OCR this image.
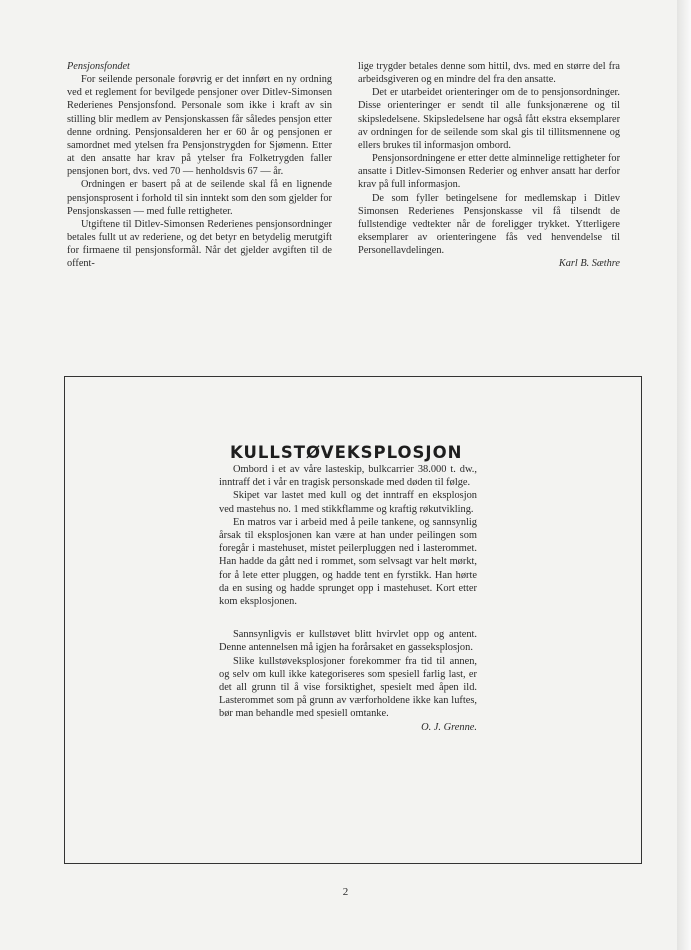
Pensjonsfondet

For seilende personale forøvrig er det innført en ny ordning ved et reglement for bevilgede pensjoner over Ditlev-Simonsen Rederienes Pensjonsfond. Personale som ikke i kraft av sin stilling blir medlem av Pensjonskassen får således pensjon etter denne ordning. Pensjonsalderen her er 60 år og pensjonen er samordnet med ytelsen fra Pensjonstrygden for Sjømenn. Etter at den ansatte har krav på ytelser fra Folketrygden faller pensjonen bort, dvs. ved 70 — henholdsvis 67 — år.

Ordningen er basert på at de seilende skal få en lignende pensjonsprosent i forhold til sin inntekt som den som gjelder for Pensjonskassen — med fulle rettigheter.

Utgiftene til Ditlev-Simonsen Rederienes pensjonsordninger betales fullt ut av rederiene, og det betyr en betydelig merutgift for firmaene til pensjonsformål. Når det gjelder avgiften til de offent-

lige trygder betales denne som hittil, dvs. med en større del fra arbeidsgiveren og en mindre del fra den ansatte.

Det er utarbeidet orienteringer om de to pensjonsordninger. Disse orienteringer er sendt til alle funksjonærene og til skipsledelsene. Skipsledelsene har også fått ekstra eksemplarer av ordningen for de seilende som skal gis til tillitsmennene og ellers brukes til informasjon ombord.

Pensjonsordningene er etter dette alminnelige rettigheter for ansatte i Ditlev-Simonsen Rederier og enhver ansatt har derfor krav på full informasjon.

De som fyller betingelsene for medlemskap i Ditlev Simonsen Rederienes Pensjonskasse vil få tilsendt de fullstendige vedtekter når de foreligger trykket. Ytterligere eksemplarer av orienteringene fås ved henvendelse til Personellavdelingen.

Karl B. Sæthre

KULLSTØVEKSPLOSJON

Ombord i et av våre lasteskip, bulkcarrier 38.000 t. dw., inntraff det i vår en tragisk personskade med døden til følge.

Skipet var lastet med kull og det inntraff en eksplosjon ved mastehus no. 1 med stikkflamme og kraftig røkutvikling.

En matros var i arbeid med å peile tankene, og sannsynlig årsak til eksplosjonen kan være at han under peilingen som foregår i mastehuset, mistet peilerpluggen ned i lasterommet. Han hadde da gått ned i rommet, som selvsagt var helt mørkt, for å lete etter pluggen, og hadde tent en fyrstikk. Han hørte da en susing og hadde sprunget opp i mastehuset. Kort etter kom eksplosjonen.

Sannsynligvis er kullstøvet blitt hvirvlet opp og antent. Denne antennelsen må igjen ha forårsaket en gasseksplosjon.

Slike kullstøveksplosjoner forekommer fra tid til annen, og selv om kull ikke kategoriseres som spesiell farlig last, er det all grunn til å vise forsiktighet, spesielt med åpen ild. Lasterommet som på grunn av værforholdene ikke kan luftes, bør man behandle med spesiell omtanke.

O. J. Grenne.

2
